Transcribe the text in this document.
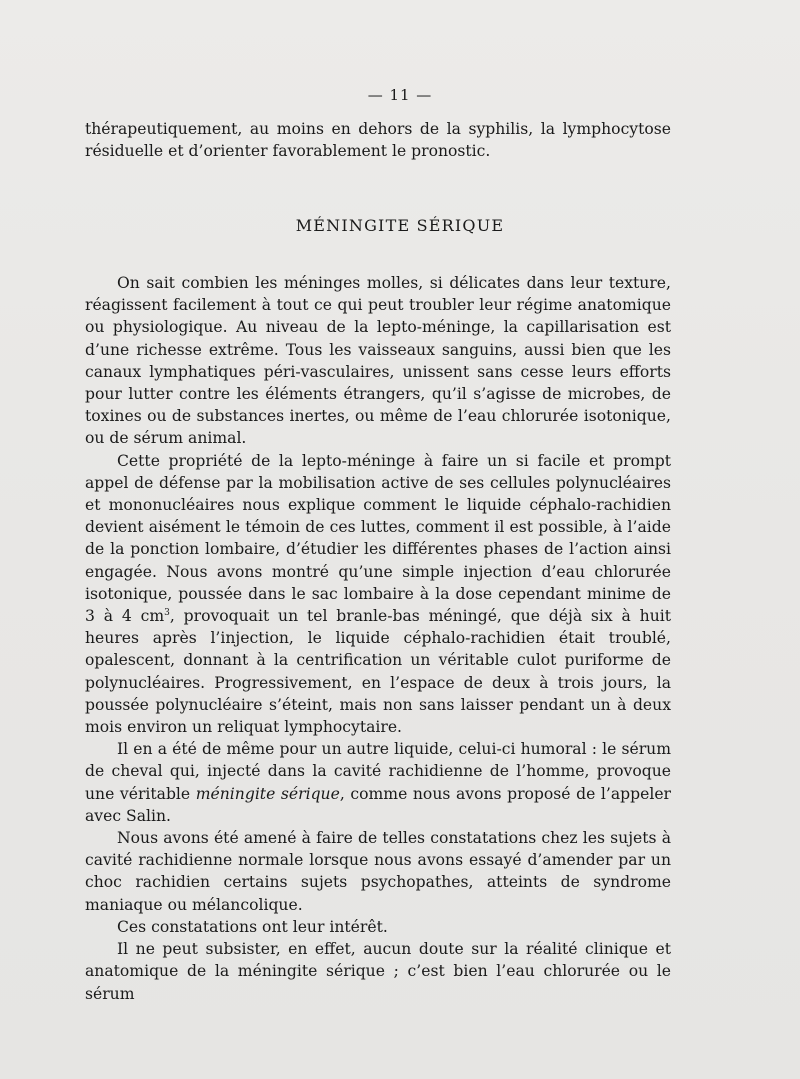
— 11 —

thérapeutiquement, au moins en dehors de la syphilis, la lymphocytose résiduelle et d’orienter favorablement le pronostic.

MÉNINGITE SÉRIQUE

On sait combien les méninges molles, si délicates dans leur texture, réagissent facilement à tout ce qui peut troubler leur régime anatomique ou physiologique. Au niveau de la lepto-méninge, la capillarisation est d’une richesse extrême. Tous les vaisseaux sanguins, aussi bien que les canaux lymphatiques péri-vasculaires, unissent sans cesse leurs efforts pour lutter contre les éléments étrangers, qu’il s’agisse de microbes, de toxines ou de substances inertes, ou même de l’eau chlorurée isotonique, ou de sérum animal.

Cette propriété de la lepto-méninge à faire un si facile et prompt appel de défense par la mobilisation active de ses cellules polynucléaires et mononucléaires nous explique comment le liquide céphalo-rachidien devient aisément le témoin de ces luttes, comment il est possible, à l’aide de la ponction lombaire, d’étudier les différentes phases de l’action ainsi engagée. Nous avons montré qu’une simple injection d’eau chlorurée isotonique, poussée dans le sac lombaire à la dose cependant minime de 3 à 4 $cm^3$, provoquait un tel branle-bas méningé, que déjà six à huit heures après l’injection, le liquide céphalo-rachidien était troublé, opalescent, donnant à la centrification un véritable culot puriforme de polynucléaires. Progressivement, en l’espace de deux à trois jours, la poussée polynucléaire s’éteint, mais non sans laisser pendant un à deux mois environ un reliquat lymphocytaire.

Il en a été de même pour un autre liquide, celui-ci humoral : le sérum de cheval qui, injecté dans la cavité rachidienne de l’homme, provoque une véritable méningite sérique, comme nous avons proposé de l’appeler avec Salin.

Nous avons été amené à faire de telles constatations chez les sujets à cavité rachidienne normale lorsque nous avons essayé d’amender par un choc rachidien certains sujets psychopathes, atteints de syndrome maniaque ou mélancolique.

Ces constatations ont leur intérêt.

Il ne peut subsister, en effet, aucun doute sur la réalité clinique et anatomique de la méningite sérique ; c’est bien l’eau chlorurée ou le sérum
